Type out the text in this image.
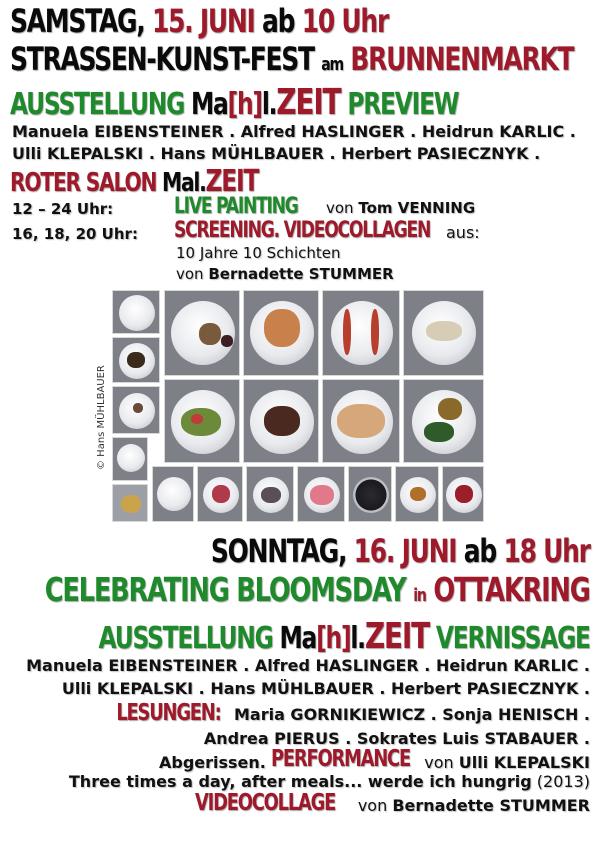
SAMSTAG, 15. JUNI ab 10 Uhr
STRASSEN-KUNST-FEST am BRUNNENMARKT
AUSSTELLUNG Ma[h]l.ZEIT PREVIEW
Manuela EIBENSTEINER . Alfred HASLINGER . Heidrun KARLIC .
Ulli KLEPALSKI . Hans MÜHLBAUER . Herbert PASIECZNYK .
ROTER SALON Mal.ZEIT
12 – 24 Uhr:
16, 18, 20 Uhr:
LIVE PAINTING von Tom VENNING
SCREENING. VIDEOCOLLAGEN aus:
10 Jahre 10 Schichten
von Bernadette STUMMER
© Hans MÜHLBAUER
SONNTAG, 16. JUNI ab 18 Uhr
CELEBRATING BLOOMSDAY in OTTAKRING
AUSSTELLUNG Ma[h]l.ZEIT VERNISSAGE
Manuela EIBENSTEINER . Alfred HASLINGER . Heidrun KARLIC .
Ulli KLEPALSKI . Hans MÜHLBAUER . Herbert PASIECZNYK .
LESUNGEN: Maria GORNIKIEWICZ . Sonja HENISCH .
Andrea PIERUS . Sokrates Luis STABAUER .
Abgerissen. PERFORMANCE von Ulli KLEPALSKI
Three times a day, after meals... werde ich hungrig (2013)
VIDEOCOLLAGE von Bernadette STUMMER
